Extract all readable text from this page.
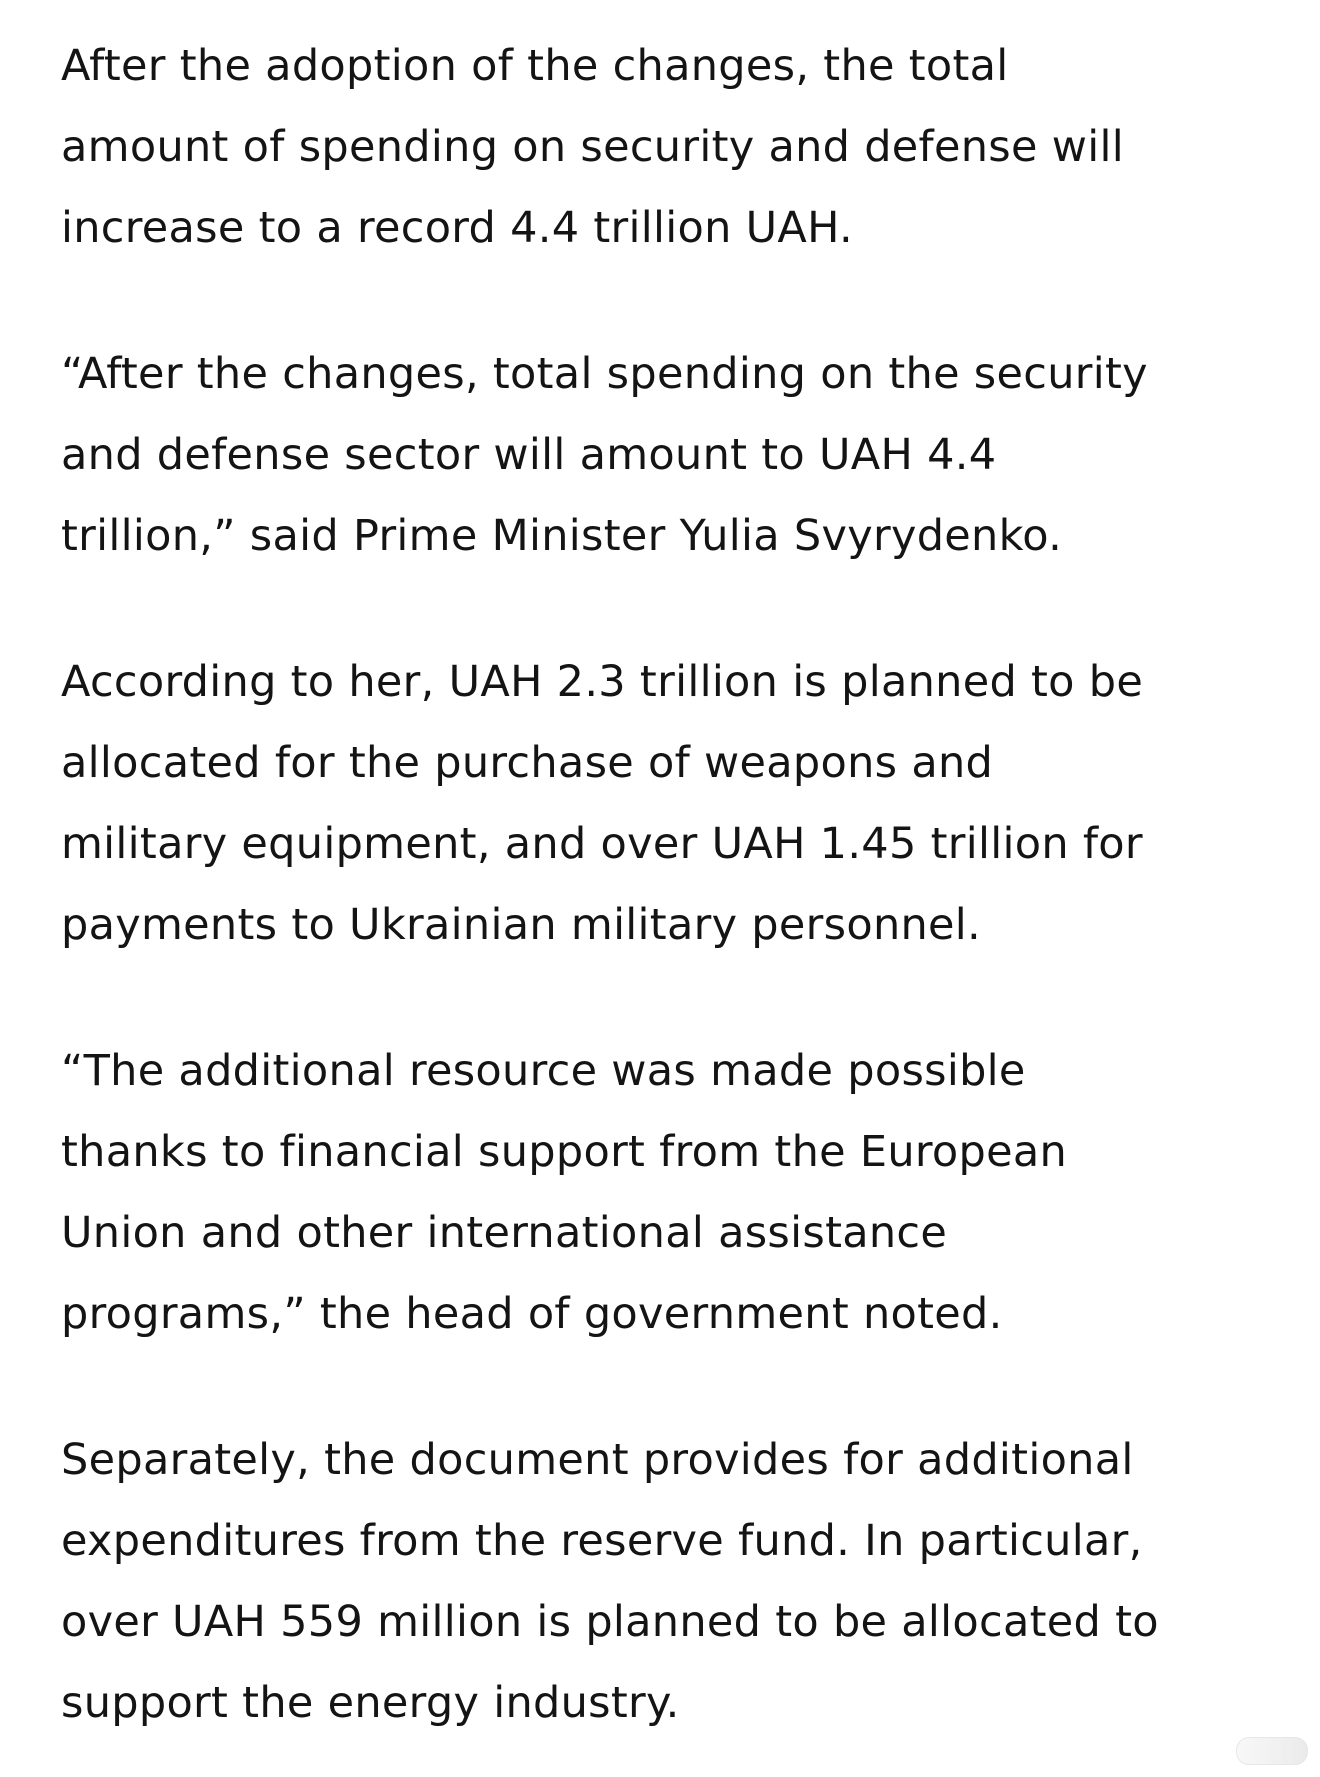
After the adoption of the changes, the total
amount of spending on security and defense will
increase to a record 4.4 trillion UAH.

“After the changes, total spending on the security
and defense sector will amount to UAH 4.4
trillion,” said Prime Minister Yulia Svyrydenko.

According to her, UAH 2.3 trillion is planned to be
allocated for the purchase of weapons and
military equipment, and over UAH 1.45 trillion for
payments to Ukrainian military personnel.

“The additional resource was made possible
thanks to financial support from the European
Union and other international assistance
programs,” the head of government noted.

Separately, the document provides for additional
expenditures from the reserve fund. In particular,
over UAH 559 million is planned to be allocated to
support the energy industry.
